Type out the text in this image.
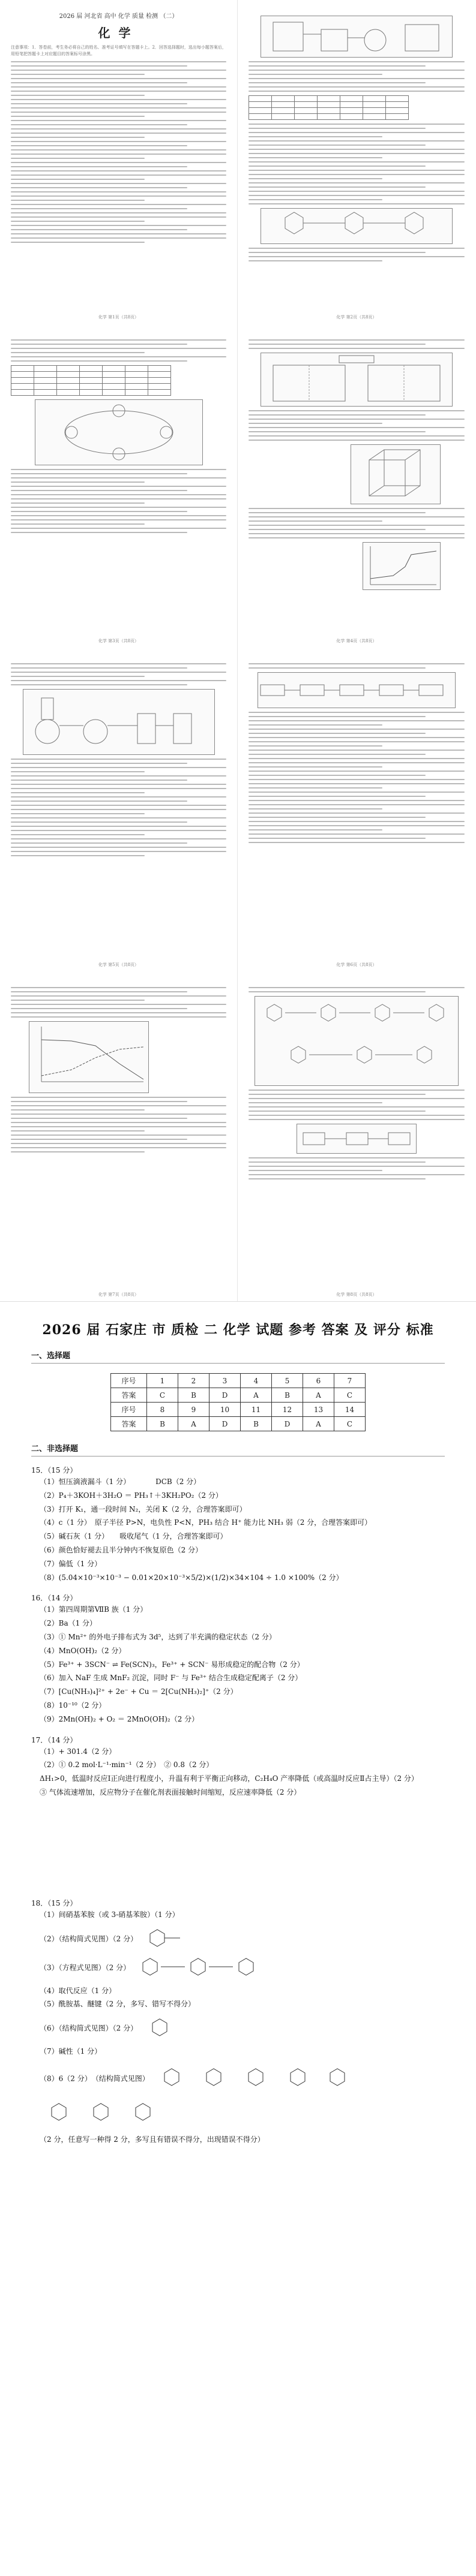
2026 届 河北省 高中 化学 质量 检测 （二）
化学
注意事项：1．答卷前，考生务必将自己的姓名、准考证号填写在答题卡上。2．回答选择题时，选出每小题答案后，用铅笔把答题卡上对应题目的答案标号涂黑。
化学 第1页（共8页）

							化学 第2页（共8页）

化学 第3页（共8页）	化学 第4页（共8页）
化学 第5页（共8页）	化学 第6页（共8页）
化学 第7页（共8页）	化学 第8页（共8页）
2026 届 石家庄 市 质检 二 化学 试题 参考 答案 及 评分 标准
一、选择题
序号	1	2	3	4	5	6	7
答案	C	B	D	A	B	A	C
序号	8	9	10	11	12	13	14
答案	B	A	D	B	D	A	C
二、非选择题
15．（15 分）
（1）恒压滴液漏斗（1 分）　　　　DCB（2 分）
（2）P₄＋3KOH＋3H₂O ＝ PH₃↑＋3KH₂PO₂（2 分）
（3）打开 K₁，通一段时间 N₂，关闭 K（2 分，合理答案即可）
（4）c（1 分）　原子半径 P>N，电负性 P<N，PH₃ 结合 H⁺ 能力比 NH₃ 弱（2 分，合理答案即可）
（5）碱石灰（1 分）　　吸收尾气（1 分，合理答案即可）
（6）颜色恰好褪去且半分钟内不恢复原色（2 分）
（7）偏低（1 分）
（8）(5.04×10⁻³×10⁻³ − 0.01×20×10⁻³×5/2)×(1/2)×34×104 ÷ 1.0 ×100%（2 分）
16．（14 分）
（1）第四周期第ⅦB 族（1 分）
（2）Ba（1 分）
（3）① Mn²⁺ 的外电子排布式为 3d⁵，达到了半充满的稳定状态（2 分）
（4）MnO(OH)₂（2 分）
（5）Fe³⁺ + 3SCN⁻ ⇌ Fe(SCN)₃，Fe³⁺ + SCN⁻ 易形成稳定的配合物（2 分）
（6）加入 NaF 生成 MnF₂ 沉淀，同时 F⁻ 与 Fe³⁺ 结合生成稳定配离子（2 分）
（7）[Cu(NH₃)₄]²⁺ + 2e⁻ + Cu ＝ 2[Cu(NH₃)₂]⁺（2 分）
（8）10⁻¹⁰（2 分）
（9）2Mn(OH)₂ + O₂ ＝ 2MnO(OH)₂（2 分）
17．（14 分）
（1）+ 301.4（2 分）
（2）① 0.2 mol·L⁻¹·min⁻¹（2 分）　② 0.8（2 分）
ΔH₁>0，低温时反应Ⅰ正向进行程度小，升温有利于平衡正向移动，C₂H₄O 产率降低（或高温时反应Ⅱ占主导）（2 分）
③ 气体流速增加，反应物分子在催化剂表面接触时间缩短，反应速率降低（2 分）
18．（15 分）
（1）间硝基苯胺（或 3-硝基苯胺）（1 分）
（2）（结构简式见图）（2 分）
（3）（方程式见图）（2 分）
（4）取代反应（1 分）
（5）酰胺基、醚键（2 分，多写、错写不得分）
（6）（结构简式见图）（2 分）
（7）碱性（1 分）
（8）6（2 分）　（结构简式见图）
（2 分，任意写一种得 2 分，多写且有错误不得分，出现错误不得分）
